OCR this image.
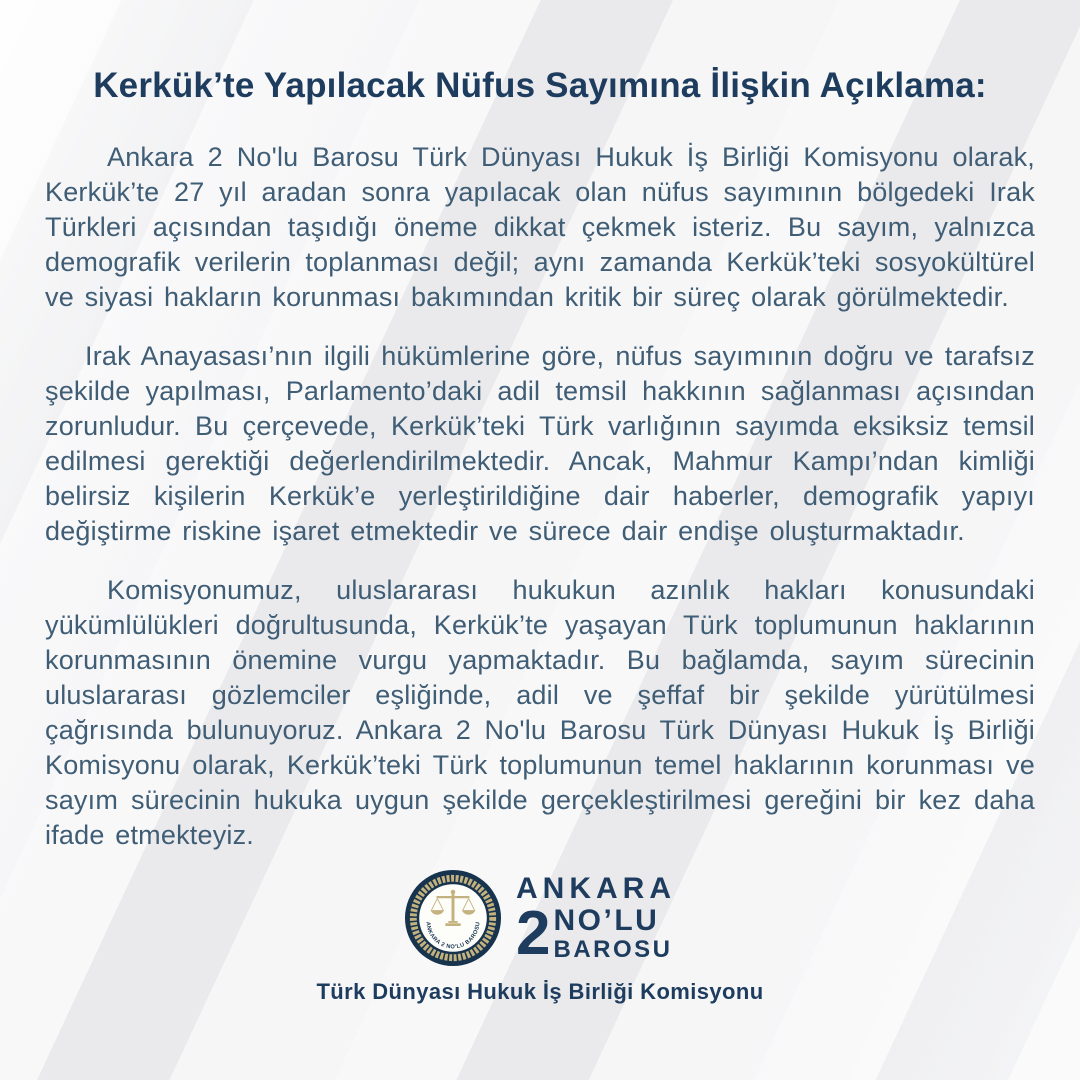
Kerkük’te Yapılacak Nüfus Sayımına İlişkin Açıklama:

Ankara 2 No'lu Barosu Türk Dünyası Hukuk İş Birliği Komisyonu olarak, Kerkük’te 27 yıl aradan sonra yapılacak olan nüfus sayımının bölgedeki Irak Türkleri açısından taşıdığı öneme dikkat çekmek isteriz. Bu sayım, yalnızca demografik verilerin toplanması değil; aynı zamanda Kerkük’teki sosyokültürel ve siyasi hakların korunması bakımından kritik bir süreç olarak görülmektedir.

Irak Anayasası’nın ilgili hükümlerine göre, nüfus sayımının doğru ve tarafsız şekilde yapılması, Parlamento’daki adil temsil hakkının sağlanması açısından zorunludur. Bu çerçevede, Kerkük’teki Türk varlığının sayımda eksiksiz temsil edilmesi gerektiği değerlendirilmektedir. Ancak, Mahmur Kampı’ndan kimliği belirsiz kişilerin Kerkük’e yerleştirildiğine dair haberler, demografik yapıyı değiştirme riskine işaret etmektedir ve sürece dair endişe oluşturmaktadır.

Komisyonumuz, uluslararası hukukun azınlık hakları konusundaki yükümlülükleri doğrultusunda, Kerkük’te yaşayan Türk toplumunun haklarının korunmasının önemine vurgu yapmaktadır. Bu bağlamda, sayım sürecinin uluslararası gözlemciler eşliğinde, adil ve şeffaf bir şekilde yürütülmesi çağrısında bulunuyoruz. Ankara 2 No'lu Barosu Türk Dünyası Hukuk İş Birliği Komisyonu olarak, Kerkük’teki Türk toplumunun temel haklarının korunması ve sayım sürecinin hukuka uygun şekilde gerçekleştirilmesi gereğini bir kez daha ifade etmekteyiz.

ANKARA 2 NO’LU BAROSU
ANKARA
2 NO’LU
BAROSU
Türk Dünyası Hukuk İş Birliği Komisyonu
